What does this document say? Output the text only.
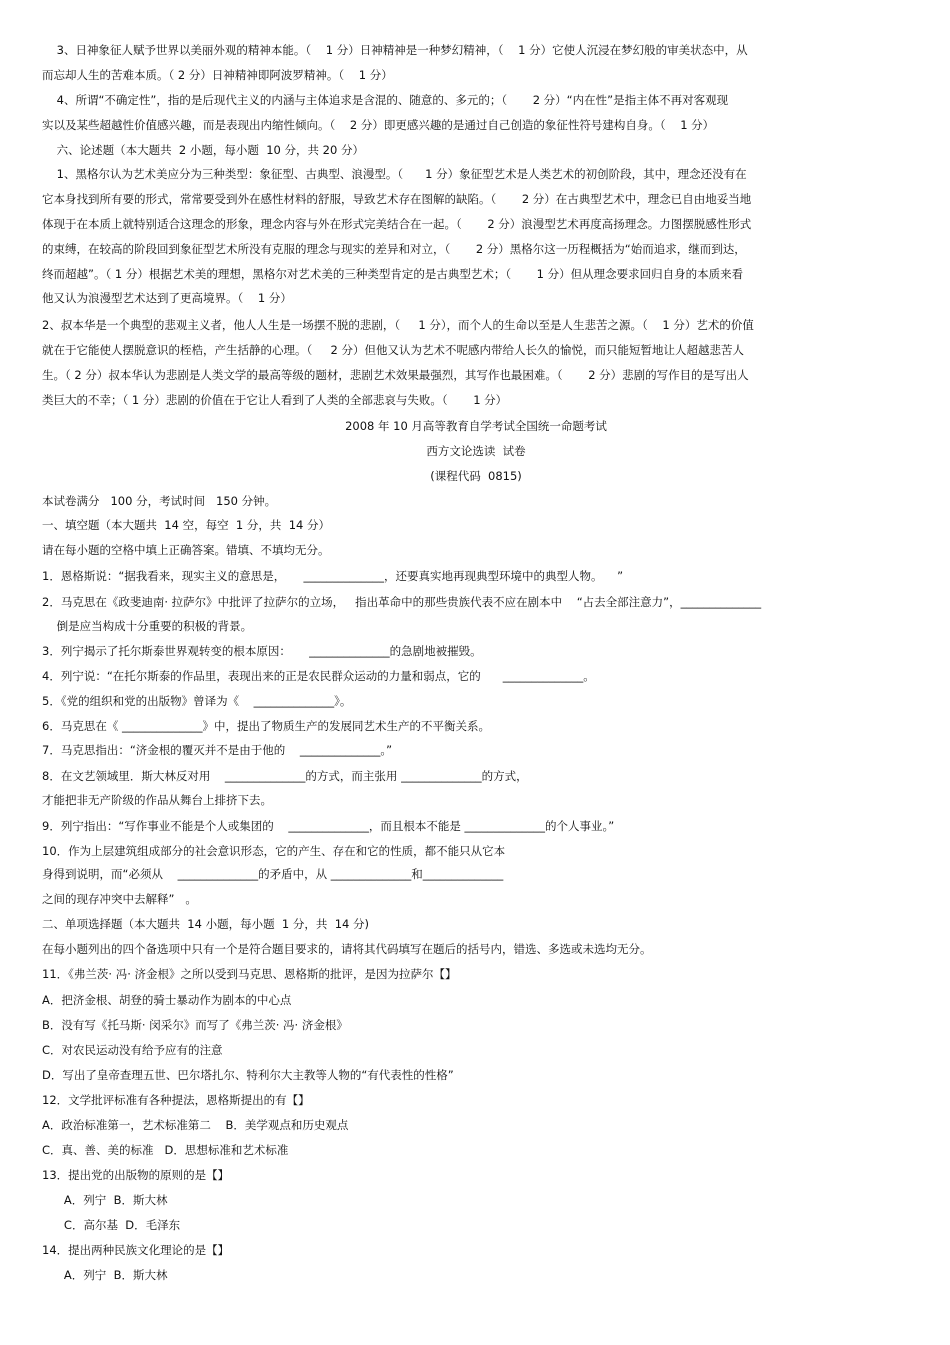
3、日神象征人赋予世界以美丽外观的精神本能。（    1 分）日神精神是一种梦幻精神，（    1 分）它使人沉浸在梦幻般的审美状态中，从
而忘却人生的苦难本质。（ 2 分）日神精神即阿波罗精神。（    1 分）
4、所谓“不确定性”，指的是后现代主义的内涵与主体追求是含混的、随意的、多元的；（       2 分）“内在性”是指主体不再对客观现
实以及某些超越性价值感兴趣，而是表现出内缩性倾向。（    2 分）即更感兴趣的是通过自己创造的象征性符号建构自身。（    1 分）
六、论述题（本大题共  2 小题，每小题  10 分，共 20 分）
1、黑格尔认为艺术美应分为三种类型：象征型、古典型、浪漫型。（      1 分）象征型艺术是人类艺术的初创阶段，其中，理念还没有在
它本身找到所有要的形式，常常要受到外在感性材料的舒服，导致艺术存在图解的缺陷。（       2 分）在古典型艺术中，理念已自由地妥当地
体现于在本质上就特别适合这理念的形象，理念内容与外在形式完美结合在一起。（       2 分）浪漫型艺术再度高扬理念。力图摆脱感性形式
的束缚，在较高的阶段回到象征型艺术所没有克服的理念与现实的差异和对立，（       2 分）黑格尔这一历程概括为“始而追求，继而到达，
终而超越”。（ 1 分）根据艺术美的理想，黑格尔对艺术美的三种类型肯定的是古典型艺术；（       1 分）但从理念要求回归自身的本质来看
他又认为浪漫型艺术达到了更高境界。（    1 分）
2、叔本华是一个典型的悲观主义者，他人人生是一场摆不脱的悲剧，（     1 分），而个人的生命以至是人生悲苦之源。（    1 分）艺术的价值
就在于它能使人摆脱意识的桎梏，产生括静的心理。（     2 分）但他又认为艺术不呢感内带给人长久的愉悦，而只能短暂地让人超越悲苦人
生。（ 2 分）叔本华认为悲剧是人类文学的最高等级的题材，悲剧艺术效果最强烈，其写作也最困难。（       2 分）悲剧的写作目的是写出人
类巨大的不幸；（ 1 分）悲剧的价值在于它让人看到了人类的全部悲哀与失败。（       1 分）
2008 年 10 月高等教育自学考试全国统一命题考试
西方文论选读  试卷
(课程代码  0815)
本试卷满分   100 分，考试时间   150 分钟。
一、填空题（本大题共  14 空，每空  1 分，共  14 分）
请在每小题的空格中填上正确答案。错填、不填均无分。
1．恩格斯说：“据我看来，现实主义的意思是，     ______________，还要真实地再现典型环境中的典型人物。    ”
2．马克思在《政斐迪南· 拉萨尔》中批评了拉萨尔的立场，   指出革命中的那些贵族代表不应在剧本中    “占去全部注意力”，______________
倒是应当构成十分重要的积极的背景。
3．列宁揭示了托尔斯泰世界观转变的根本原因：     ______________的急剧地被摧毁。
4．列宁说：“在托尔斯泰的作品里，表现出来的正是农民群众运动的力量和弱点，它的      ______________。
5．《党的组织和党的出版物》曾译为《    ______________》。
6．马克思在《 ______________》中，提出了物质生产的发展同艺术生产的不平衡关系。
7．马克思指出：“济金根的覆灭并不是由于他的    ______________。”
8．在文艺领域里．斯大林反对用    ______________的方式，而主张用 ______________的方式，
才能把非无产阶级的作品从舞台上排挤下去。
9．列宁指出：“写作事业不能是个人或集团的    ______________，而且根本不能是 ______________的个人事业。”
10．作为上层建筑组成部分的社会意识形态，它的产生、存在和它的性质，都不能只从它本
身得到说明，而“必须从    ______________的矛盾中，从 ______________和______________
之间的现存冲突中去解释”   。
二、单项选择题（本大题共  14 小题，每小题  1 分，共  14 分)
在每小题列出的四个备选项中只有一个是符合题目要求的，请将其代码填写在题后的括号内，错选、多选或未选均无分。
11．《弗兰茨· 冯· 济金根》之所以受到马克思、恩格斯的批评，是因为拉萨尔【】
A．把济金根、胡登的骑士暴动作为剧本的中心点
B．没有写《托马斯· 闵采尔》而写了《弗兰茨· 冯· 济金根》
C．对农民运动没有给予应有的注意
D．写出了皇帝查理五世、巴尔塔扎尔、特利尔大主教等人物的“有代表性的性格”
12．文学批评标准有各种提法，恩格斯提出的有【】
A．政治标准第一，艺术标准第二    B．美学观点和历史观点
C．真、善、美的标准   D．思想标准和艺术标准
13．提出党的出版物的原则的是【】
A．列宁  B．斯大林
C．高尔基  D．毛泽东
14．提出两种民族文化理论的是【】
A．列宁  B．斯大林
